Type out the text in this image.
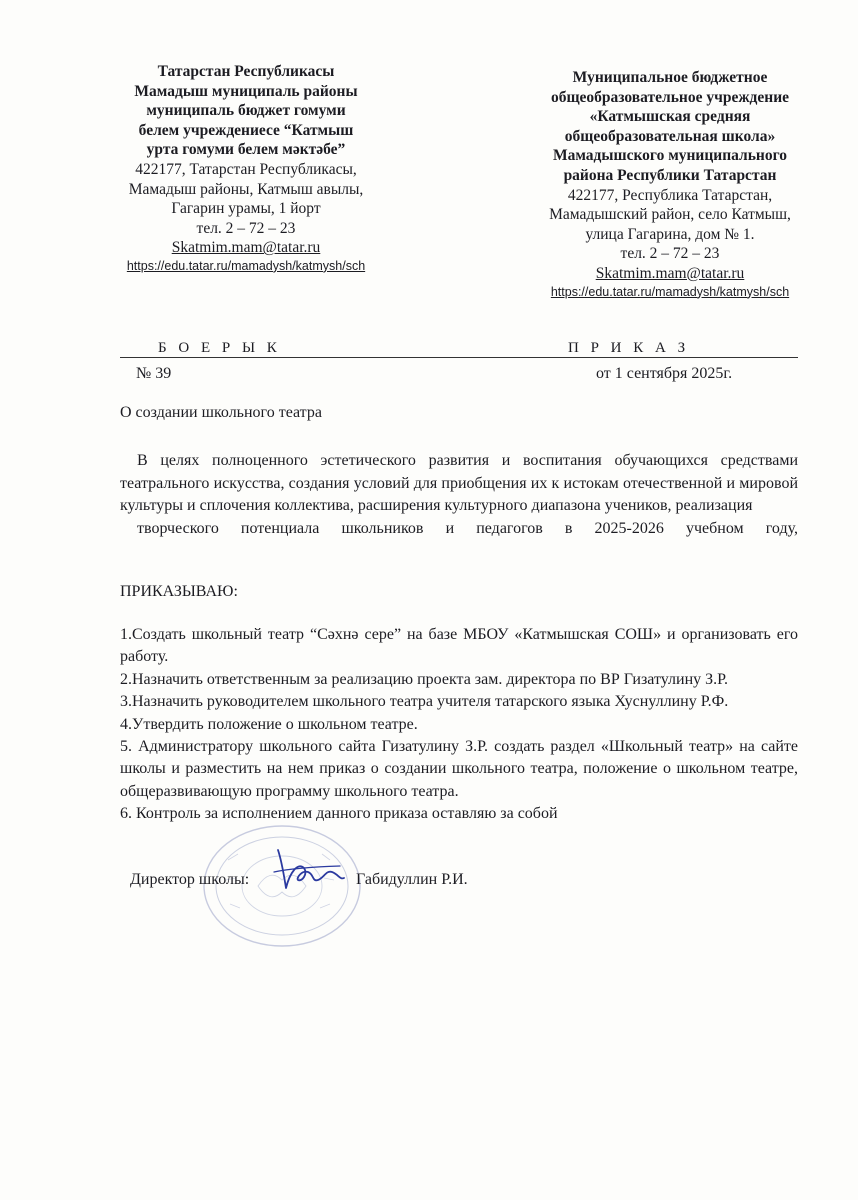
Татарстан Республикасы
Мамадыш муниципаль районы
муниципаль бюджет гомуми
белем учреждениесе “Катмыш
урта гомуми белем мәктәбе”
422177, Татарстан Республикасы,
Мамадыш районы, Катмыш авылы,
Гагарин урамы, 1 йорт
тел. 2 – 72 – 23
Skatmim.mam@tatar.ru
https://edu.tatar.ru/mamadysh/katmysh/sch
Муниципальное бюджетное
общеобразовательное учреждение
«Катмышская средняя
общеобразовательная школа»
Мамадышского муниципального
района Республики Татарстан
422177, Республика Татарстан,
Мамадышский район, село Катмыш,
улица Гагарина, дом № 1.
тел. 2 – 72 – 23
Skatmim.mam@tatar.ru
https://edu.tatar.ru/mamadysh/katmysh/sch
Б О Е Р Ы К	П Р И К А З
№ 39	от 1 сентября 2025г.
О создании школьного театра
В целях полноценного эстетического развития и воспитания обучающихся средствами театрального искусства, создания условий для приобщения их к истокам отечественной и мировой культуры и сплочения коллектива, расширения культурного диапазона учеников, реализация
творческого потенциала школьников и педагогов в 2025-2026 учебном году,
ПРИКАЗЫВАЮ:
1.Создать школьный театр “Сәхнә сере” на базе МБОУ «Катмышская СОШ» и организовать его работу.
2.Назначить ответственным за реализацию проекта зам. директора по ВР Гизатулину З.Р.
3.Назначить руководителем школьного театра учителя татарского языка Хуснуллину Р.Ф.
4.Утвердить положение о школьном театре.
5. Администратору школьного сайта Гизатулину З.Р. создать раздел «Школьный театр» на сайте школы и разместить на нем приказ о создании школьного театра, положение о школьном театре, общеразвивающую программу школьного театра.
6. Контроль за исполнением данного приказа оставляю за собой
Директор школы:	Габидуллин Р.И.
